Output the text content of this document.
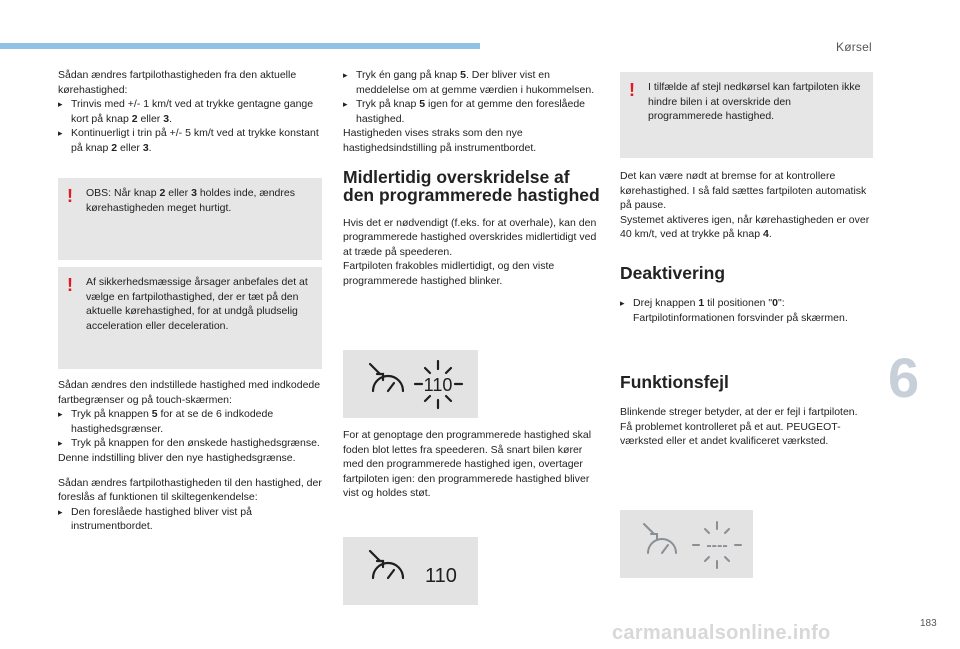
Kørsel
6
183

Sådan ændres fartpilothastigheden fra den aktuelle kørehastighed:

▸ Trinvis med +/- 1 km/t ved at trykke gentagne gange kort på knap 2 eller 3.
▸ Kontinuerligt i trin på +/- 5 km/t ved at trykke konstant på knap 2 eller 3.
! OBS: Når knap 2 eller 3 holdes inde, ændres kørehastigheden meget hurtigt.
! Af sikkerhedsmæssige årsager anbefales det at vælge en fartpilothastighed, der er tæt på den aktuelle kørehastighed, for at undgå pludselig acceleration eller deceleration.

Sådan ændres den indstillede hastighed med indkodede fartbegrænser og på touch-skærmen:

▸ Tryk på knappen 5 for at se de 6 indkodede hastighedsgrænser.
▸ Tryk på knappen for den ønskede hastighedsgrænse.

Denne indstilling bliver den nye hastighedsgrænse.

Sådan ændres fartpilothastigheden til den hastighed, der foreslås af funktionen til skiltegenkendelse:

▸ Den foreslåede hastighed bliver vist på instrumentbordet.
▸ Tryk én gang på knap 5. Der bliver vist en meddelelse om at gemme værdien i hukommelsen.
▸ Tryk på knap 5 igen for at gemme den foreslåede hastighed.

Hastigheden vises straks som den nye hastighedsindstilling på instrumentbordet.

Midlertidig overskridelse af den programmerede hastighed

Hvis det er nødvendigt (f.eks. for at overhale), kan den programmerede hastighed overskrides midlertidigt ved at træde på speederen.

Fartpiloten frakobles midlertidigt, og den viste programmerede hastighed blinker.

110

For at genoptage den programmerede hastighed skal foden blot lettes fra speederen. Så snart bilen kører med den programmerede hastighed igen, overtager fartpiloten igen: den programmerede hastighed bliver vist og holdes støt.

110
! I tilfælde af stejl nedkørsel kan fartpiloten ikke hindre bilen i at overskride den programmerede hastighed.

Det kan være nødt at bremse for at kontrollere kørehastighed. I så fald sættes fartpiloten automatisk på pause.

Systemet aktiveres igen, når kørehastigheden er over 40 km/t, ved at trykke på knap 4.

Deaktivering

▸ Drej knappen 1 til positionen "0": Fartpilotinformationen forsvinder på skærmen.

Funktionsfejl

Blinkende streger betyder, at der er fejl i fartpiloten.

Få problemet kontrolleret på et aut. PEUGEOT-værksted eller et andet kvalificeret værksted.

----
carmanualsonline.info
